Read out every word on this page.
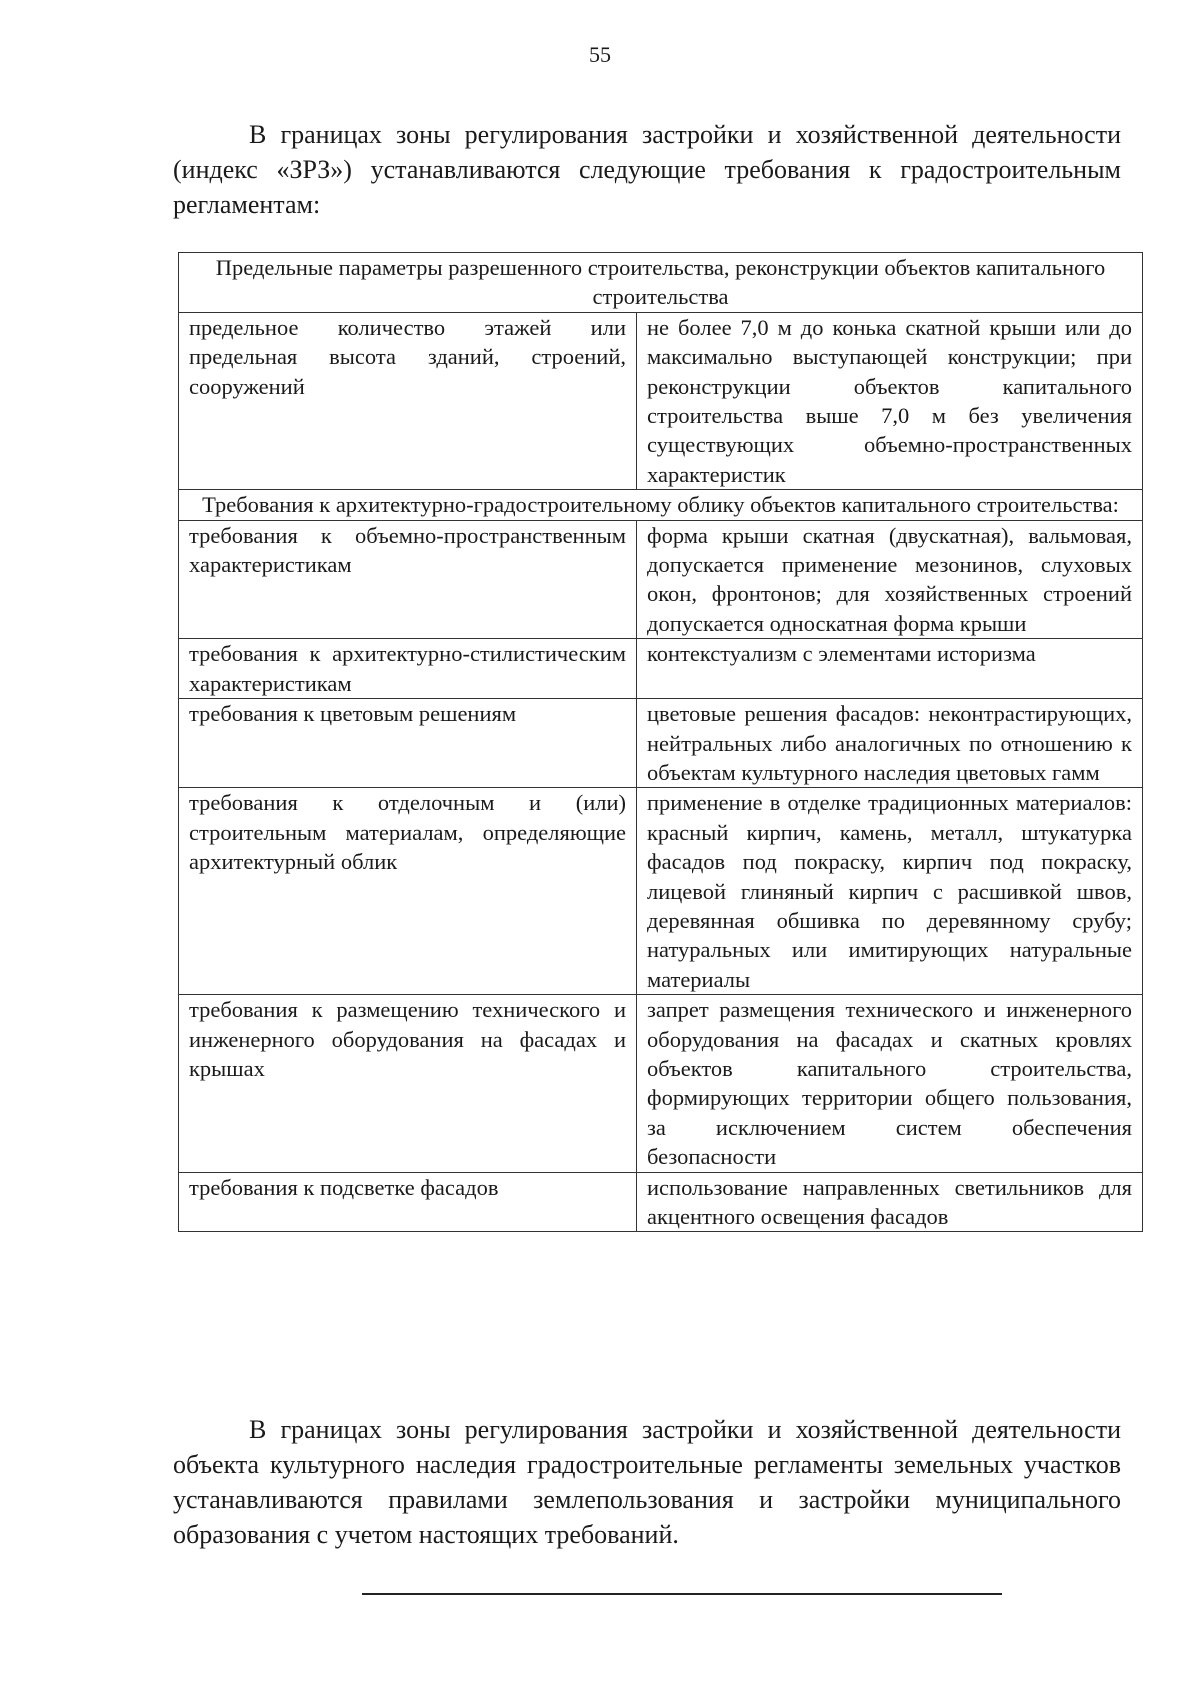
55

В границах зоны регулирования застройки и хозяйственной деятельности (индекс «ЗРЗ») устанавливаются следующие требования к градостроительным регламентам:

Предельные параметры разрешенного строительства, реконструкции объектов капитального строительства	
предельное количество этажей или предельная высота зданий, строений, сооружений	не более 7,0 м до конька скатной крыши или до максимально выступающей конструкции; при реконструкции объектов капитального строительства выше 7,0 м без увеличения существующих объемно-пространственных характеристик
Требования к архитектурно-градостроительному облику объектов капитального строительства:	
требования к объемно-пространственным характеристикам	форма крыши скатная (двускатная), вальмовая, допускается применение мезонинов, слуховых окон, фронтонов; для хозяйственных строений допускается односкатная форма крыши
требования к архитектурно-стилистическим характеристикам	контекстуализм с элементами историзма
требования к цветовым решениям	цветовые решения фасадов: неконтрастирующих, нейтральных либо аналогичных по отношению к объектам культурного наследия цветовых гамм
требования к отделочным и (или) строительным материалам, определяющие архитектурный облик	применение в отделке традиционных материалов: красный кирпич, камень, металл, штукатурка фасадов под покраску, кирпич под покраску, лицевой глиняный кирпич с расшивкой швов, деревянная обшивка по деревянному срубу; натуральных или имитирующих натуральные материалы
требования к размещению технического и инженерного оборудования на фасадах и крышах	запрет размещения технического и инженерного оборудования на фасадах и скатных кровлях объектов капитального строительства, формирующих территории общего пользования, за исключением систем обеспечения безопасности
требования к подсветке фасадов	использование направленных светильников для акцентного освещения фасадов

В границах зоны регулирования застройки и хозяйственной деятельности объекта культурного наследия градостроительные регламенты земельных участков устанавливаются правилами землепользования и застройки муниципального образования с учетом настоящих требований.
